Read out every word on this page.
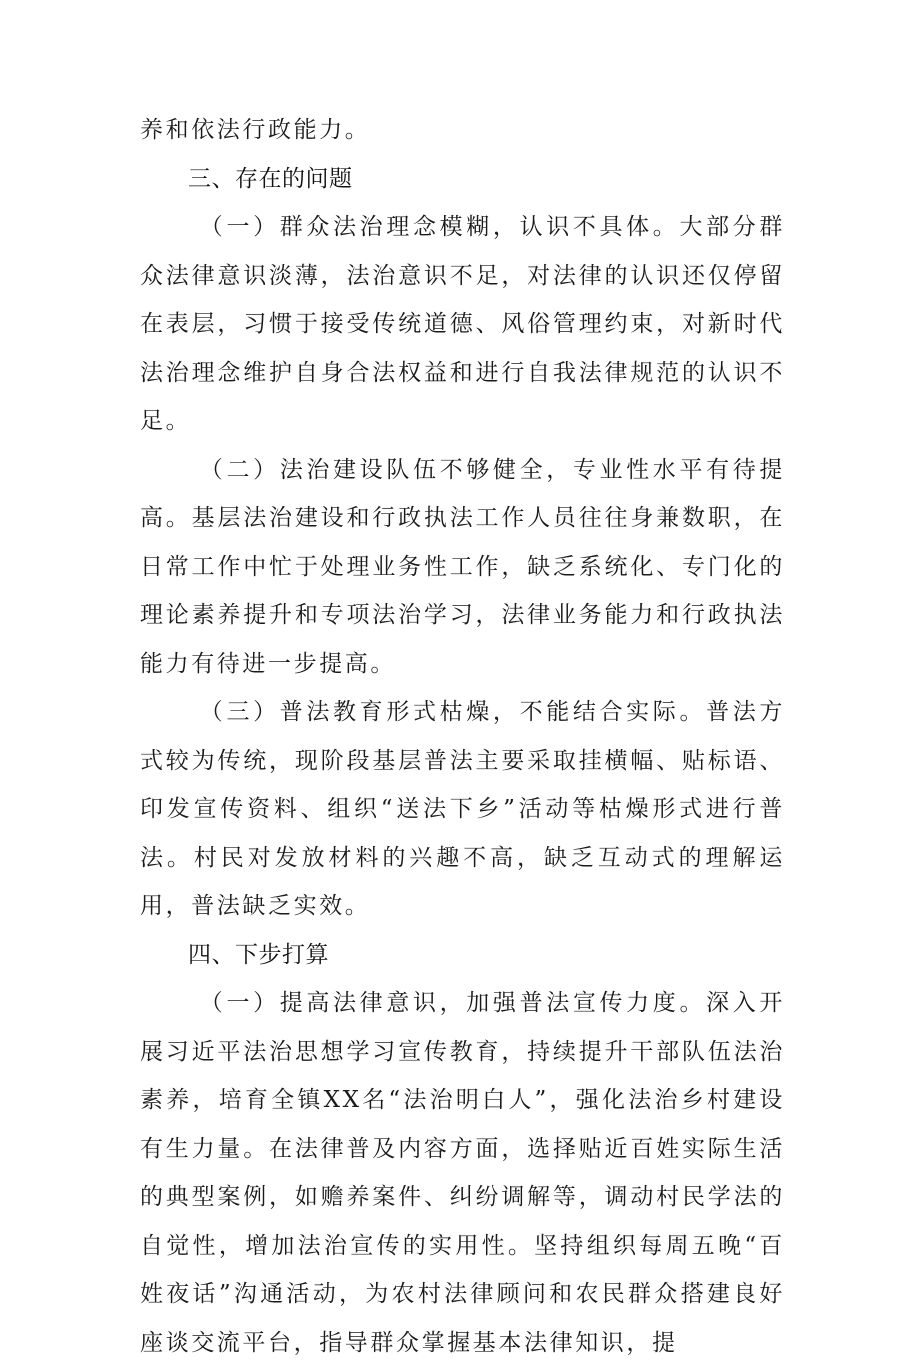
养和依法行政能力。

三、存在的问题

（一）群众法治理念模糊，认识不具体。大部分群众法律意识淡薄，法治意识不足，对法律的认识还仅停留在表层，习惯于接受传统道德、风俗管理约束，对新时代法治理念维护自身合法权益和进行自我法律规范的认识不足。

（二）法治建设队伍不够健全，专业性水平有待提高。基层法治建设和行政执法工作人员往往身兼数职，在日常工作中忙于处理业务性工作，缺乏系统化、专门化的理论素养提升和专项法治学习，法律业务能力和行政执法能力有待进一步提高。

（三）普法教育形式枯燥，不能结合实际。普法方式较为传统，现阶段基层普法主要采取挂横幅、贴标语、印发宣传资料、组织“送法下乡”活动等枯燥形式进行普法。村民对发放材料的兴趣不高，缺乏互动式的理解运用，普法缺乏实效。

四、下步打算

（一）提高法律意识，加强普法宣传力度。深入开展习近平法治思想学习宣传教育，持续提升干部队伍法治素养，培育全镇XX名“法治明白人”，强化法治乡村建设有生力量。在法律普及内容方面，选择贴近百姓实际生活的典型案例，如赡养案件、纠纷调解等，调动村民学法的自觉性，增加法治宣传的实用性。坚持组织每周五晚“百姓夜话”沟通活动，为农村法律顾问和农民群众搭建良好座谈交流平台，指导群众掌握基本法律知识，提
